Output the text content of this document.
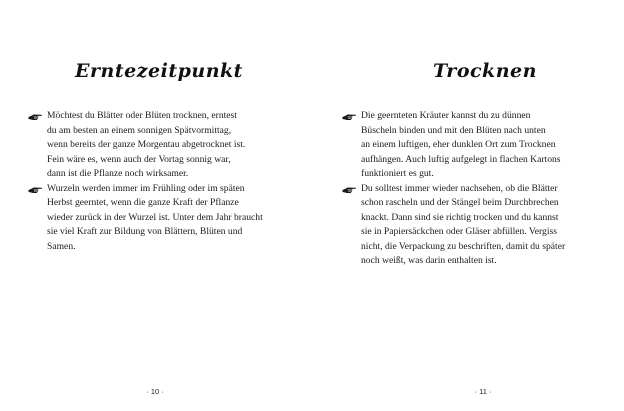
Erntezeitpunkt
Möchtest du Blätter oder Blüten trocknen, erntest
du am besten an einem sonnigen Spätvormittag,
wenn bereits der ganze Morgentau abgetrocknet ist.
Fein wäre es, wenn auch der Vortag sonnig war,
dann ist die Pflanze noch wirksamer.
Wurzeln werden immer im Frühling oder im späten
Herbst geerntet, wenn die ganze Kraft der Pflanze
wieder zurück in der Wurzel ist. Unter dem Jahr braucht
sie viel Kraft zur Bildung von Blättern, Blüten und
Samen.
· 10 ·
Trocknen
Die geernteten Kräuter kannst du zu dünnen
Büscheln binden und mit den Blüten nach unten
an einem luftigen, eher dunklen Ort zum Trocknen
aufhängen. Auch luftig aufgelegt in flachen Kartons
funktioniert es gut.
Du solltest immer wieder nachsehen, ob die Blätter
schon rascheln und der Stängel beim Durchbrechen
knackt. Dann sind sie richtig trocken und du kannst
sie in Papiersäckchen oder Gläser abfüllen. Vergiss
nicht, die Verpackung zu beschriften, damit du später
noch weißt, was darin enthalten ist.
· 11 ·
